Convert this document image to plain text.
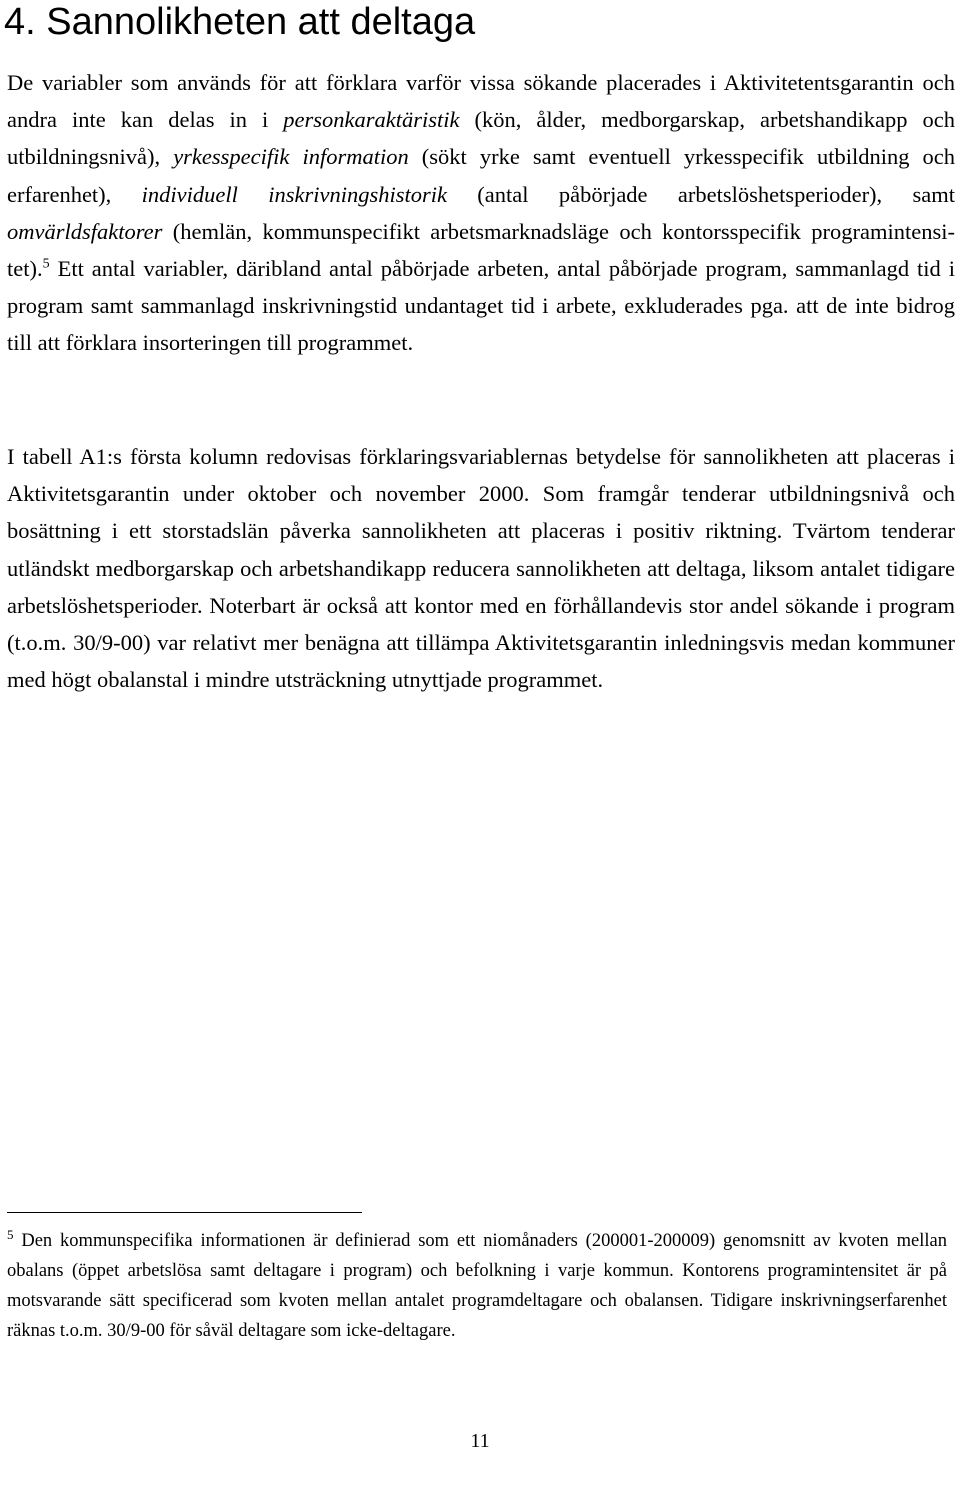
4. Sannolikheten att deltaga

De variabler som används för att förklara varför vissa sökande placerades i Aktivitetentsgarantin och andra inte kan delas in i personkaraktäristik (kön, ålder, medborgarskap, arbetshandikapp och utbildningsnivå), yrkesspecifik information (sökt yrke samt eventuell yrkesspecifik utbildning och erfarenhet), individuell inskrivningshistorik (antal påbörjade arbetslöshetsperioder), samt omvärldsfaktorer (hemlän, kommunspecifikt arbetsmarknadsläge och kontorsspecifik programintensitet).$^5$ Ett antal variabler, däribland antal påbörjade arbeten, antal påbörjade program, sammanlagd tid i program samt sammanlagd inskrivningstid undantaget tid i arbete, exkluderades pga. att de inte bidrog till att förklara insorteringen till programmet.

I tabell A1:s första kolumn redovisas förklaringsvariablernas betydelse för sannolikheten att placeras i Aktivitetsgarantin under oktober och november 2000. Som framgår tenderar utbildningsnivå och bosättning i ett storstadslän påverka sannolikheten att placeras i positiv riktning. Tvärtom tenderar utländskt medborgarskap och arbetshandikapp reducera sannolikheten att deltaga, liksom antalet tidigare arbetslöshetsperioder. Noterbart är också att kontor med en förhållandevis stor andel sökande i program (t.o.m. 30/9-00) var relativt mer benägna att tillämpa Aktivitetsgarantin inledningsvis medan kommuner med högt obalanstal i mindre utsträckning utnyttjade programmet.

$^5$ Den kommunspecifika informationen är definierad som ett niomånaders (200001-200009) genomsnitt av kvoten mellan obalans (öppet arbetslösa samt deltagare i program) och befolkning i varje kommun. Kontorens programintensitet är på motsvarande sätt specificerad som kvoten mellan antalet programdeltagare och obalansen. Tidigare inskrivningserfarenhet räknas t.o.m. 30/9-00 för såväl deltagare som icke-deltagare.

11
